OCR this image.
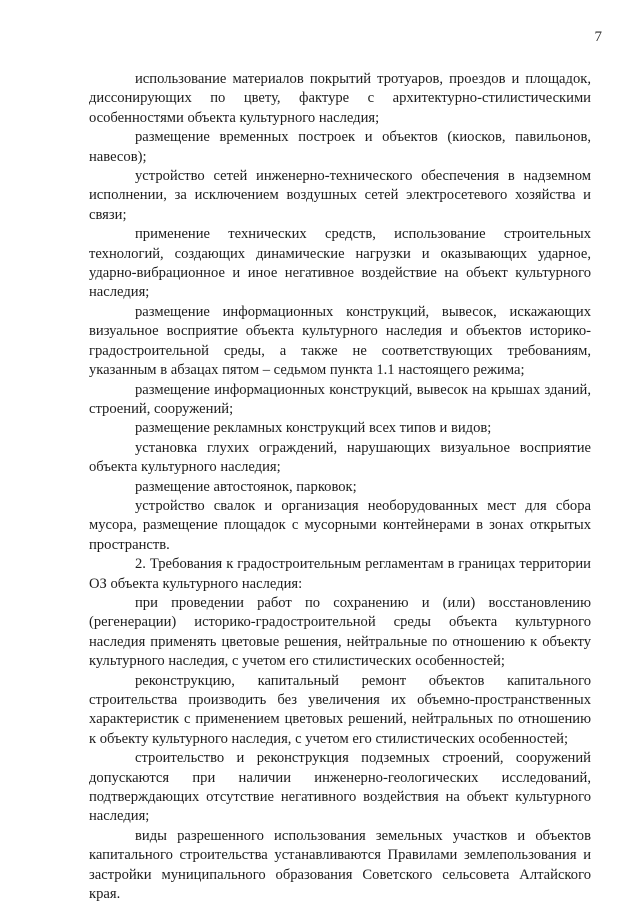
7

использование материалов покрытий тротуаров, проездов и площадок, диссонирующих по цвету, фактуре с архитектурно-стилистическими особенностями объекта культурного наследия;

размещение временных построек и объектов (киосков, павильонов, навесов);

устройство сетей инженерно-технического обеспечения в надземном исполнении, за исключением воздушных сетей электросетевого хозяйства и связи;

применение технических средств, использование строительных технологий, создающих динамические нагрузки и оказывающих ударное, ударно-вибрационное и иное негативное воздействие на объект культурного наследия;

размещение информационных конструкций, вывесок, искажающих визуальное восприятие объекта культурного наследия и объектов историко-градостроительной среды, а также не соответствующих требованиям, указанным в абзацах пятом – седьмом пункта 1.1 настоящего режима;

размещение информационных конструкций, вывесок на крышах зданий, строений, сооружений;

размещение рекламных конструкций всех типов и видов;

установка глухих ограждений, нарушающих визуальное восприятие объекта культурного наследия;

размещение автостоянок, парковок;

устройство свалок и организация необорудованных мест для сбора мусора, размещение площадок с мусорными контейнерами в зонах открытых пространств.

2. Требования к градостроительным регламентам в границах территории ОЗ объекта культурного наследия:

при проведении работ по сохранению и (или) восстановлению (регенерации) историко-градостроительной среды объекта культурного наследия применять цветовые решения, нейтральные по отношению к объекту культурного наследия, с учетом его стилистических особенностей;

реконструкцию, капитальный ремонт объектов капитального строительства производить без увеличения их объемно-пространственных характеристик с применением цветовых решений, нейтральных по отношению к объекту культурного наследия, с учетом его стилистических особенностей;

строительство и реконструкция подземных строений, сооружений допускаются при наличии инженерно-геологических исследований, подтверждающих отсутствие негативного воздействия на объект культурного наследия;

виды разрешенного использования земельных участков и объектов капитального строительства устанавливаются Правилами землепользования и застройки муниципального образования Советского сельсовета Алтайского края.
